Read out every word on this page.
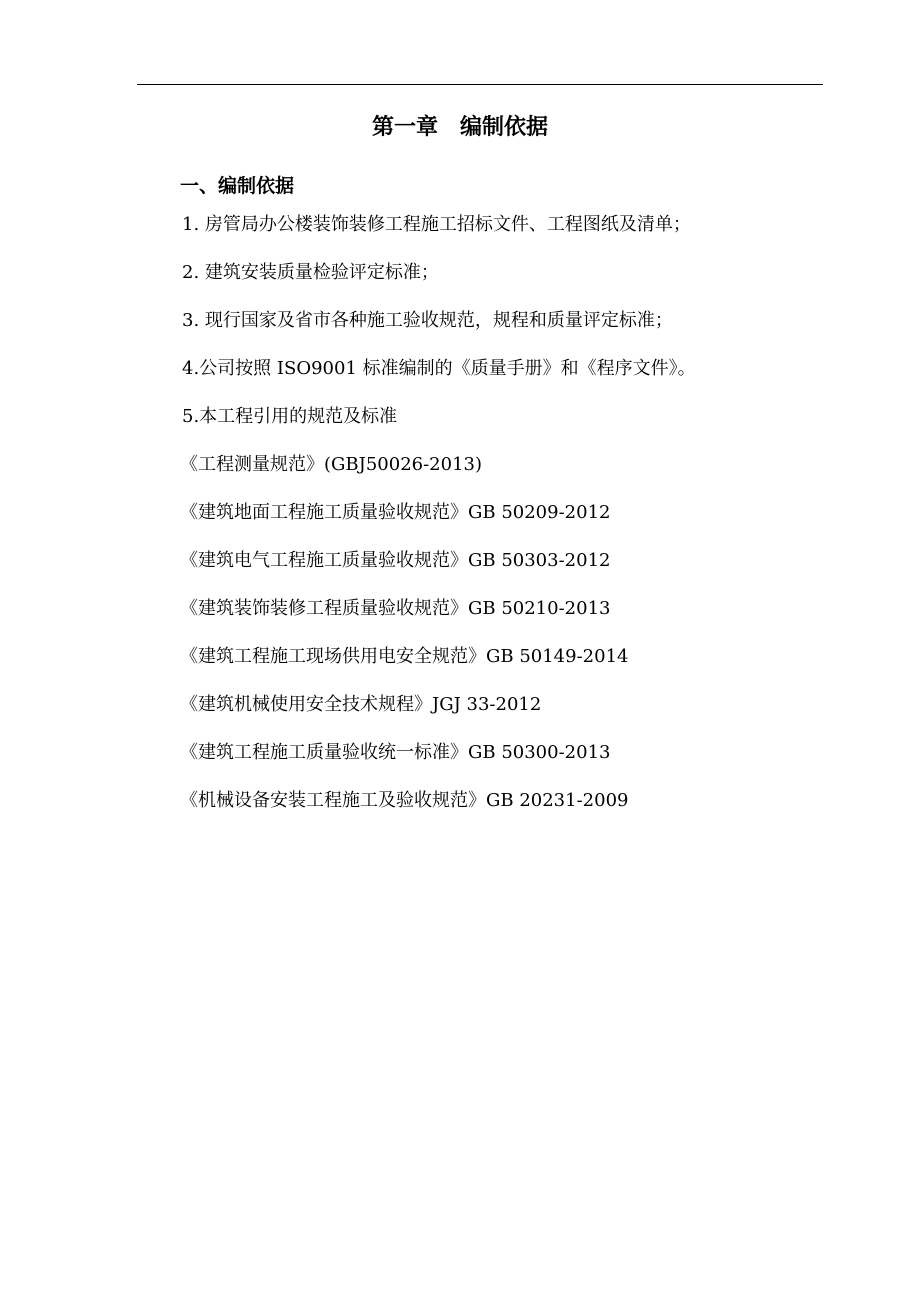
第一章　编制依据
一、编制依据
1. 房管局办公楼装饰装修工程施工招标文件、工程图纸及清单；
2. 建筑安装质量检验评定标准；
3. 现行国家及省市各种施工验收规范，规程和质量评定标准；
4.公司按照 ISO9001 标准编制的《质量手册》和《程序文件》。
5.本工程引用的规范及标准
《工程测量规范》(GBJ50026-2013)
《建筑地面工程施工质量验收规范》GB 50209-2012
《建筑电气工程施工质量验收规范》GB 50303-2012
《建筑装饰装修工程质量验收规范》GB 50210-2013
《建筑工程施工现场供用电安全规范》GB 50149-2014
《建筑机械使用安全技术规程》JGJ 33-2012
《建筑工程施工质量验收统一标准》GB 50300-2013
《机械设备安装工程施工及验收规范》GB 20231-2009
